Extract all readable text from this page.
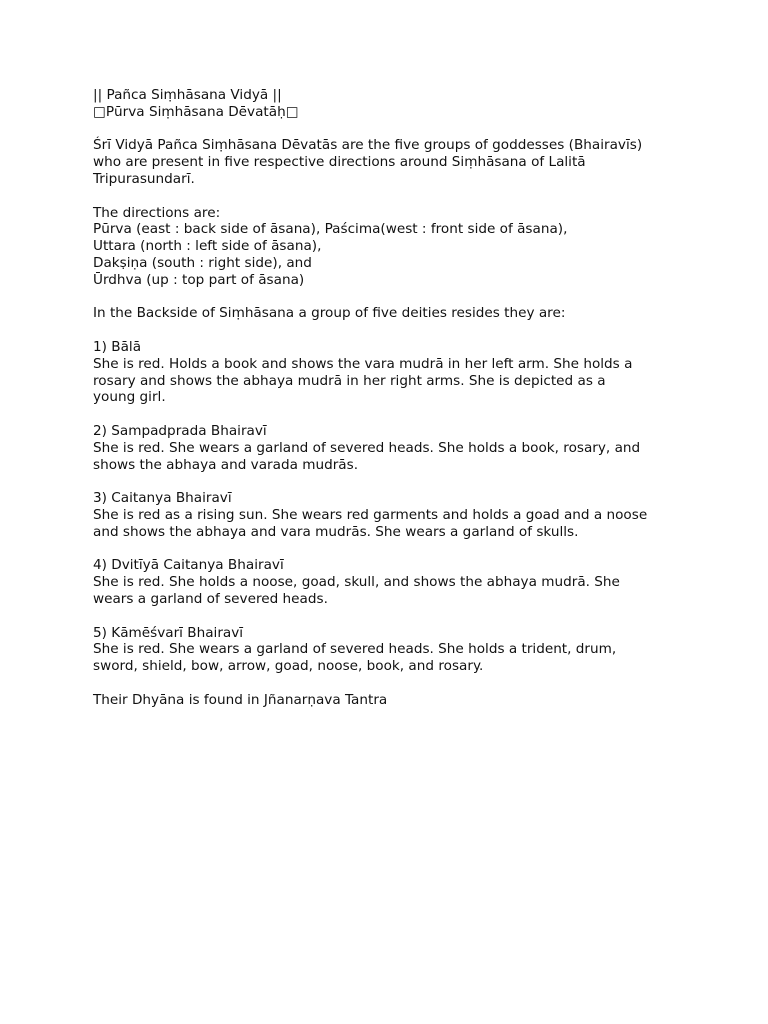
|| Pañca Siṃhāsana Vidyā ||
□Pūrva Siṃhāsana Dēvatāḥ□
Śrī Vidyā Pañca Siṃhāsana Dēvatās are the five groups of goddesses (Bhairavīs)
who are present in five respective directions around Siṃhāsana of Lalitā
Tripurasundarī.
The directions are:
Pūrva (east : back side of āsana), Paścima(west : front side of āsana),
Uttara (north : left side of āsana),
Dakṣiṇa (south : right side), and
Ūrdhva (up : top part of āsana)
In the Backside of Siṃhāsana a group of five deities resides they are:
1) Bālā
She is red. Holds a book and shows the vara mudrā in her left arm. She holds a
rosary and shows the abhaya mudrā in her right arms. She is depicted as a
young girl.
2) Sampadprada Bhairavī
She is red. She wears a garland of severed heads. She holds a book, rosary, and
shows the abhaya and varada mudrās.
3) Caitanya Bhairavī
She is red as a rising sun. She wears red garments and holds a goad and a noose
and shows the abhaya and vara mudrās. She wears a garland of skulls.
4) Dvitīyā Caitanya Bhairavī
She is red. She holds a noose, goad, skull, and shows the abhaya mudrā. She
wears a garland of severed heads.
5) Kāmēśvarī Bhairavī
She is red. She wears a garland of severed heads. She holds a trident, drum,
sword, shield, bow, arrow, goad, noose, book, and rosary.
Their Dhyāna is found in Jñanarṇava Tantra
